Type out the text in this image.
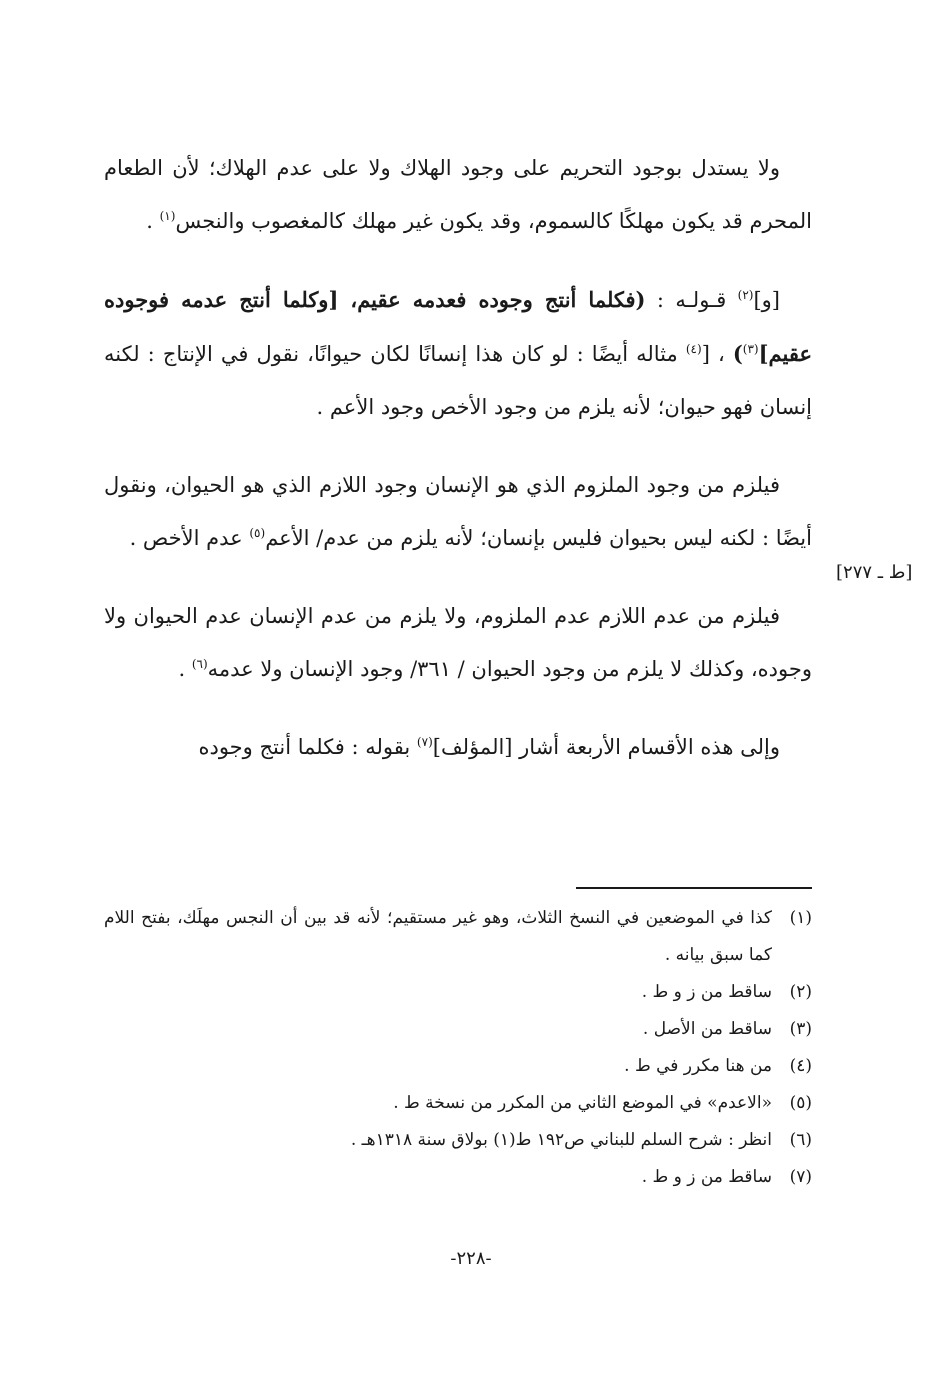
ولا يستدل بوجود التحريم على وجود الهلاك ولا على عدم الهلاك؛ لأن الطعام المحرم قد يكون مهلكًا كالسموم، وقد يكون غير مهلك كالمغصوب والنجس$^{(١)}$ .

[و]$^{(٢)}$ قـولـه : (فكلما أنتج وجوده فعدمه عقيم، [وكلما أنتج عدمه فوجوده عقيم]$^{(٣)}$) ، [$^{(٤)}$ مثاله أيضًا : لو كان هذا إنسانًا لكان حيوانًا، نقول في الإنتاج : لكنه إنسان فهو حيوان؛ لأنه يلزم من وجود الأخص وجود الأعم .

فيلزم من وجود الملزوم الذي هو الإنسان وجود اللازم الذي هو الحيوان، ونقول أيضًا : لكنه ليس بحيوان فليس بإنسان؛ لأنه يلزم من عدم/ الأعم$^{(٥)}$ عدم الأخص .

فيلزم من عدم اللازم عدم الملزوم، ولا يلزم من عدم الإنسان عدم الحيوان ولا وجوده، وكذلك لا يلزم من وجود الحيوان / ٣٦١/ وجود الإنسان ولا عدمه$^{(٦)}$ .

وإلى هذه الأقسام الأربعة أشار [المؤلف]$^{(٧)}$ بقوله : فكلما أنتج وجوده

[ط ـ ٢٧٧]
(١)
كذا في الموضعين في النسخ الثلاث، وهو غير مستقيم؛ لأنه قد بين أن النجس مهلَك، بفتح اللام كما سبق بيانه .
(٢)
ساقط من ز و ط .
(٣)
ساقط من الأصل .
(٤)
من هنا مكرر في ط .
(٥)
«الاعدم» في الموضع الثاني من المكرر من نسخة ط .
(٦)
انظر : شرح السلم للبناني ص١٩٢ ط(١) بولاق سنة ١٣١٨هـ .
(٧)
ساقط من ز و ط .
-٢٢٨-
